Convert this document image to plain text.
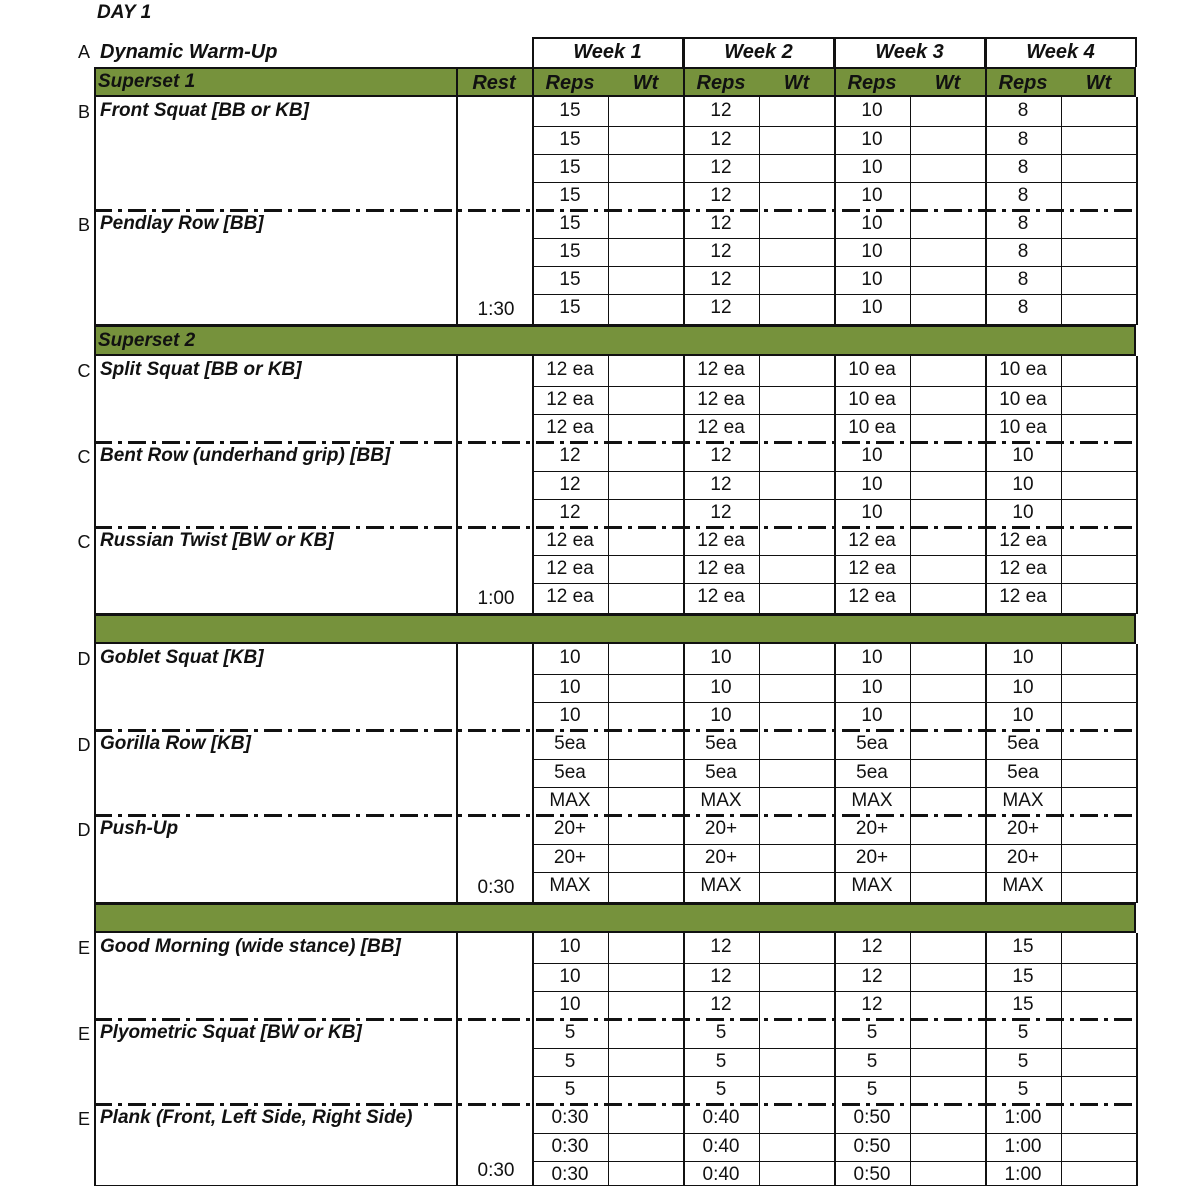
DAY 1
A Dynamic Warm-Up	Week 1	Week 2	Week 3	Week 4
Superset 1	Rest	Reps	Wt	Reps	Wt	Reps	Wt	Reps	Wt
B Front Squat [BB or KB]	15	12	10	8
15	12	10	8
15	12	10	8
15	12	10	8
B Pendlay Row [BB]	15	12	10	8
15	12	10	8
15	12	10	8
15	12	10	8
1:30
Superset 2
C Split Squat [BB or KB]	12 ea	12 ea	10 ea	10 ea
12 ea	12 ea	10 ea	10 ea
12 ea	12 ea	10 ea	10 ea
C Bent Row (underhand grip) [BB]	12	12	10	10
12	12	10	10
12	12	10	10
C Russian Twist [BW or KB]	12 ea	12 ea	12 ea	12 ea
12 ea	12 ea	12 ea	12 ea
12 ea	12 ea	12 ea	12 ea
1:00
D Goblet Squat [KB]	10	10	10	10
10	10	10	10
10	10	10	10
D Gorilla Row [KB]	5ea	5ea	5ea	5ea
5ea	5ea	5ea	5ea
MAX	MAX	MAX	MAX
D Push-Up	20+	20+	20+	20+
20+	20+	20+	20+
MAX	MAX	MAX	MAX
0:30
E Good Morning (wide stance) [BB]	10	12	12	15
10	12	12	15
10	12	12	15
E Plyometric Squat [BW or KB]	5	5	5	5
5	5	5	5
5	5	5	5
E Plank (Front, Left Side, Right Side)	0:30	0:40	0:50	1:00
0:30	0:40	0:50	1:00
0:30	0:40	0:50	1:00
0:30
